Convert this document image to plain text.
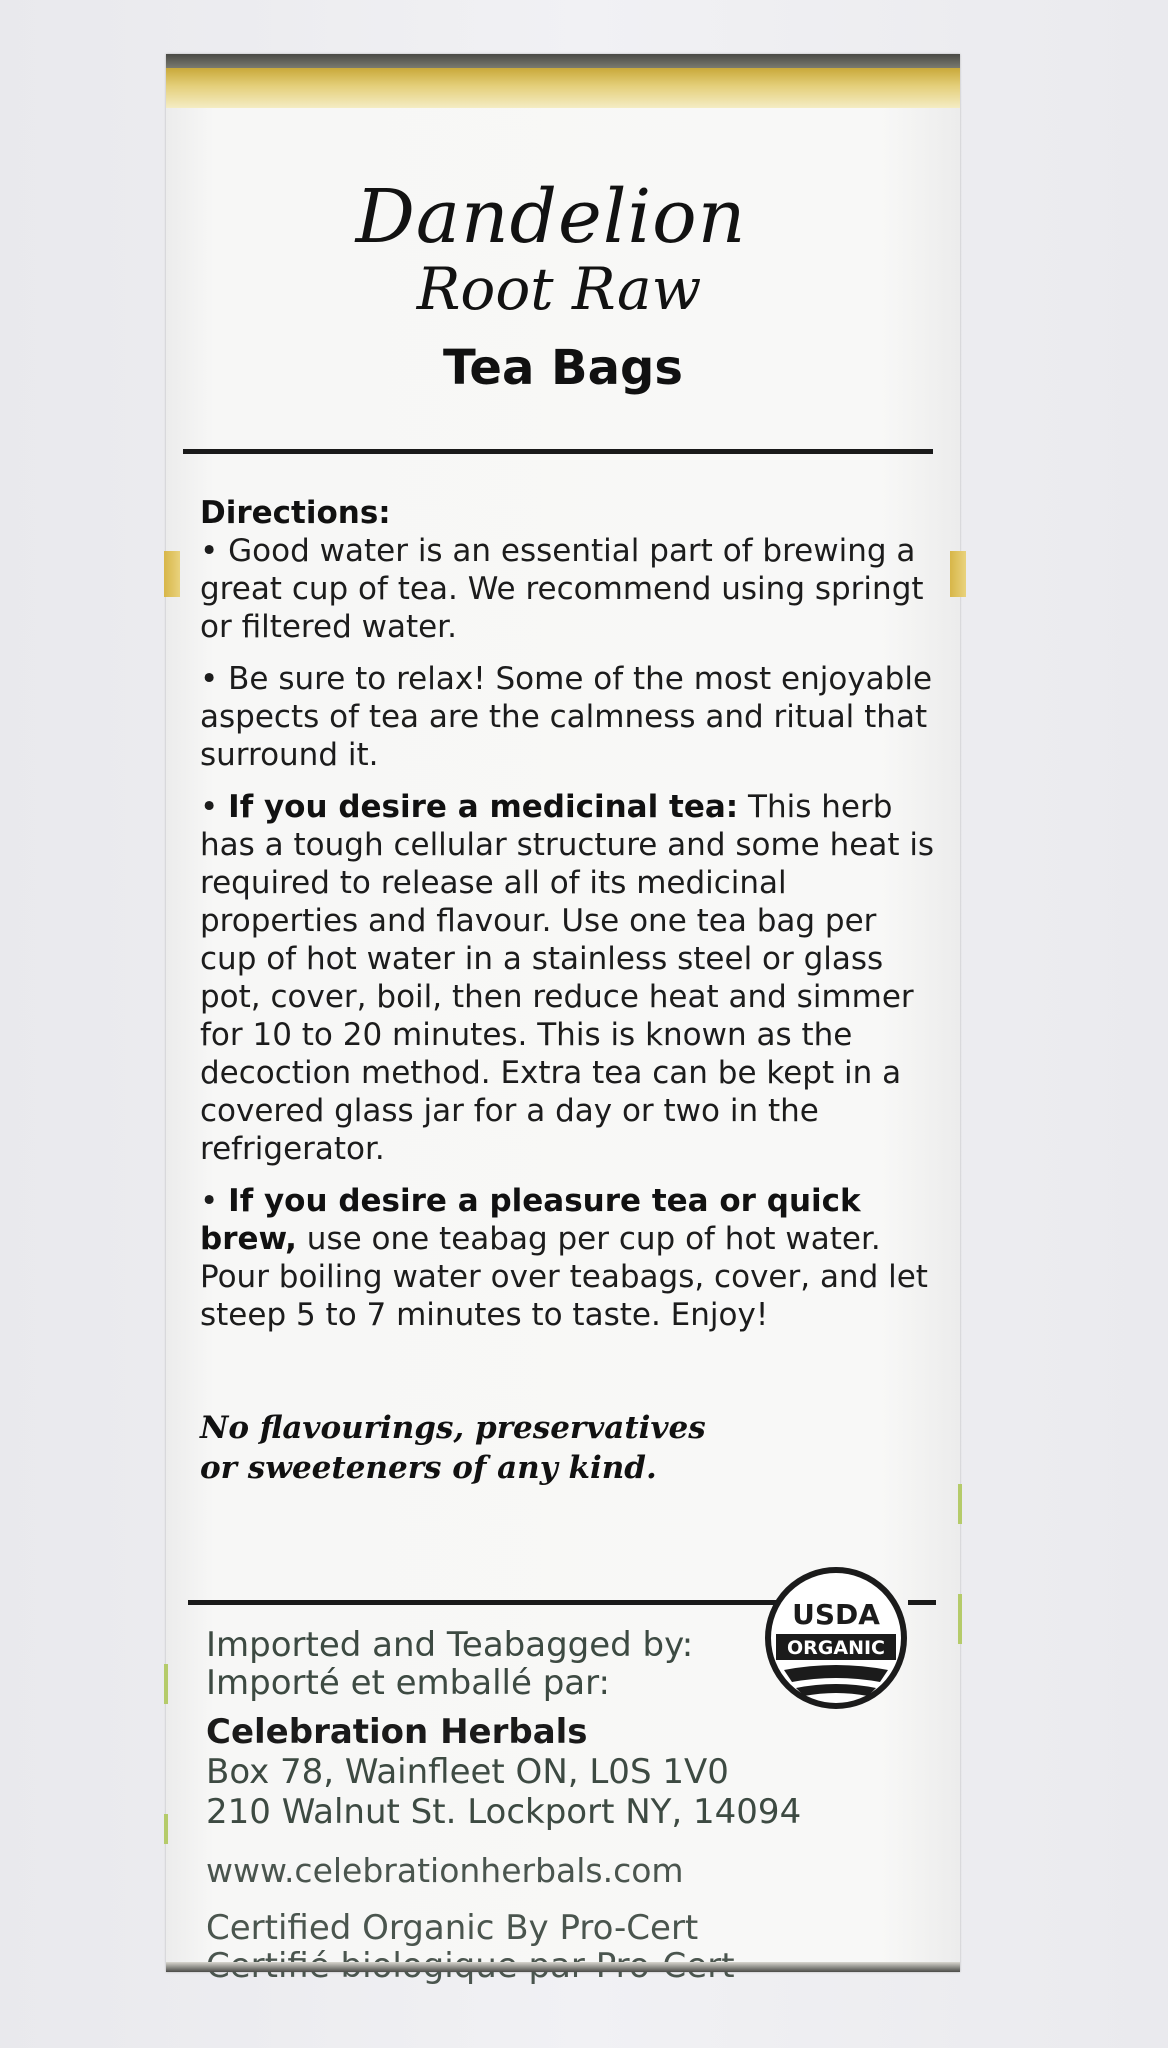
Dandelion
Root Raw
Tea Bags

Directions:

• Good water is an essential part of brewing a great cup of tea. We recommend using springt or filtered water.

• Be sure to relax! Some of the most enjoyable aspects of tea are the calmness and ritual that surround it.

• If you desire a medicinal tea: This herb has a tough cellular structure and some heat is required to release all of its medicinal properties and flavour. Use one tea bag per cup of hot water in a stainless steel or glass pot, cover, boil, then reduce heat and simmer for 10 to 20 minutes. This is known as the decoction method. Extra tea can be kept in a covered glass jar for a day or two in the refrigerator.

• If you desire a pleasure tea or quick brew, use one teabag per cup of hot water. Pour boiling water over teabags, cover, and let steep 5 to 7 minutes to taste. Enjoy!

No flavourings, preservatives
or sweeteners of any kind.
USDA
ORGANIC
Imported and Teabagged by:
Importé et emballé par:
Celebration Herbals
Box 78, Wainfleet ON, L0S 1V0
210 Walnut St. Lockport NY, 14094
www.celebrationherbals.com
Certified Organic By Pro-Cert
